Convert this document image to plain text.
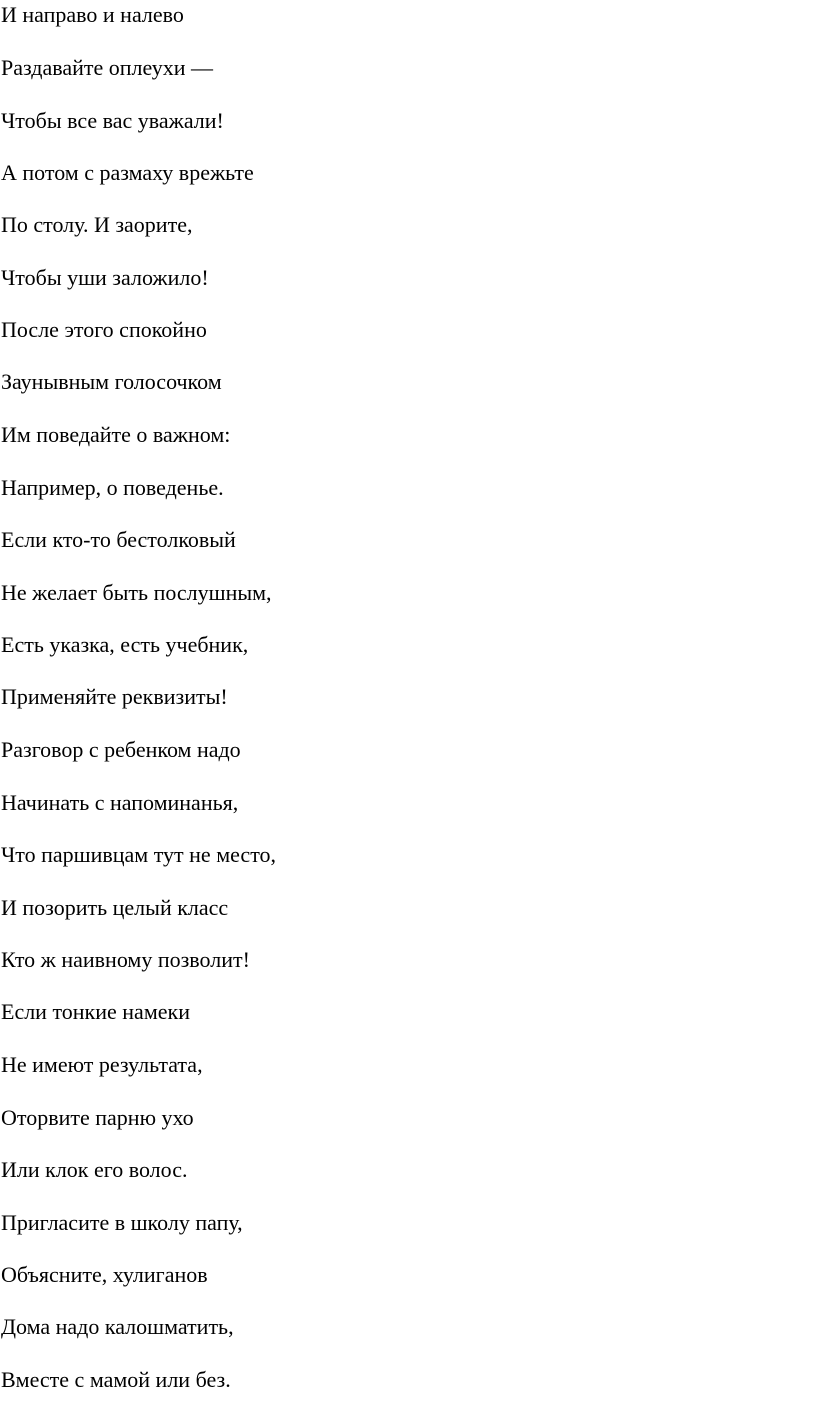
И направо и налево
Раздавайте оплеухи —
Чтобы все вас уважали!
А потом с размаху врежьте
По столу. И заорите,
Чтобы уши заложило!
После этого спокойно
Заунывным голосочком
Им поведайте о важном:
Например, о поведенье.
Если кто-то бестолковый
Не желает быть послушным,
Есть указка, есть учебник,
Применяйте реквизиты!
Разговор с ребенком надо
Начинать с напоминанья,
Что паршивцам тут не место,
И позорить целый класс
Кто ж наивному позволит!
Если тонкие намеки
Не имеют результата,
Оторвите парню ухо
Или клок его волос.
Пригласите в школу папу,
Объясните, хулиганов
Дома надо калошматить,
Вместе с мамой или без.
